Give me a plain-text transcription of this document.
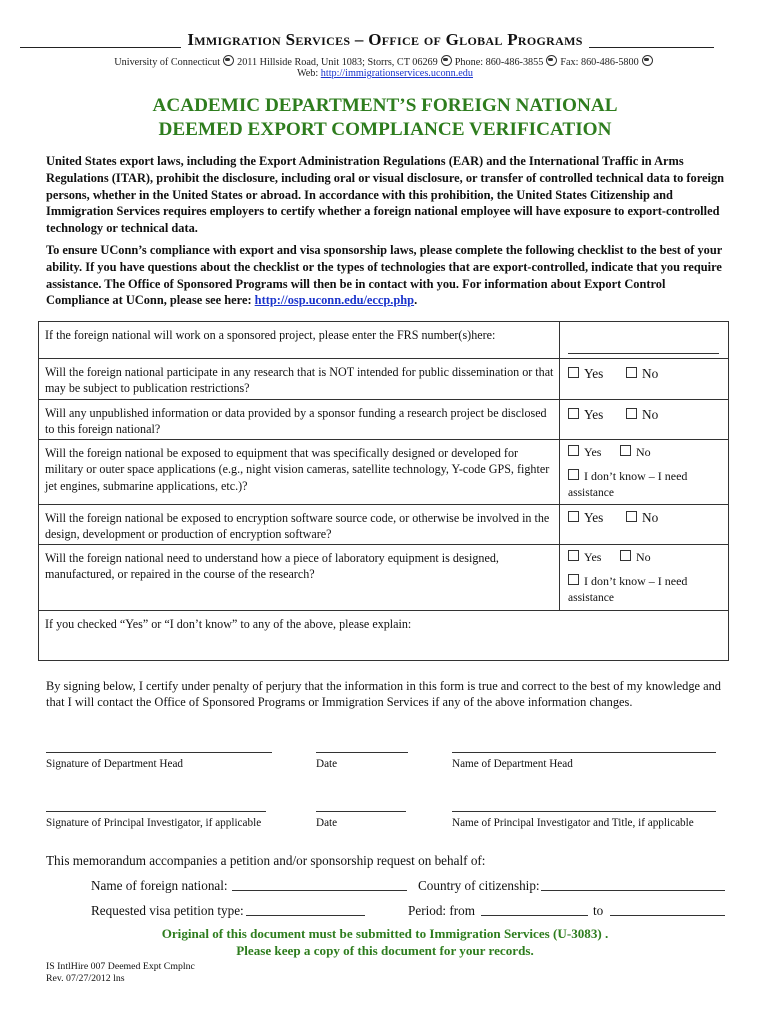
Immigration Services – Office of Global Programs
University of Connecticut 2011 Hillside Road, Unit 1083; Storrs, CT 06269 Phone: 860-486-3855 Fax: 860-486-5800
Web: http://immigrationservices.uconn.edu
ACADEMIC DEPARTMENT’S FOREIGN NATIONAL
DEEMED EXPORT COMPLIANCE VERIFICATION
United States export laws, including the Export Administration Regulations (EAR) and the International Traffic in Arms Regulations (ITAR), prohibit the disclosure, including oral or visual disclosure, or transfer of controlled technical data to foreign persons, whether in the United States or abroad. In accordance with this prohibition, the United States Citizenship and Immigration Services requires employers to certify whether a foreign national employee will have exposure to export-controlled technology or technical data.
To ensure UConn’s compliance with export and visa sponsorship laws, please complete the following checklist to the best of your ability. If you have questions about the checklist or the types of technologies that are export-controlled, indicate that you require assistance. The Office of Sponsored Programs will then be in contact with you. For information about Export Control Compliance at UConn, please see here: http://osp.uconn.edu/eccp.php.
If the foreign national will work on a sponsored project, please enter the FRS number(s)here:
Will the foreign national participate in any research that is NOT intended for public dissemination or that may be subject to publication restrictions?
Yes	No
Will any unpublished information or data provided by a sponsor funding a research project be disclosed to this foreign national?
Yes	No
Will the foreign national be exposed to equipment that was specifically designed or developed for military or outer space applications (e.g., night vision cameras, satellite technology, Y-code GPS, fighter jet engines, submarine applications, etc.)?
Yes	No
I don’t know – I need
assistance
Will the foreign national be exposed to encryption software source code, or otherwise be involved in the design, development or production of encryption software?
Yes	No
Will the foreign national need to understand how a piece of laboratory equipment is designed, manufactured, or repaired in the course of the research?
Yes	No
I don’t know – I need
assistance
If you checked “Yes” or “I don’t know” to any of the above, please explain:
By signing below, I certify under penalty of perjury that the information in this form is true and correct to the best of my knowledge and that I will contact the Office of Sponsored Programs or Immigration Services if any of the above information changes.
Signature of Department Head	Date	Name of Department Head
Signature of Principal Investigator, if applicable	Date	Name of Principal Investigator and Title, if applicable
This memorandum accompanies a petition and/or sponsorship request on behalf of:
Name of foreign national:	Country of citizenship:
Requested visa petition type:	Period: from	to
Original of this document must be submitted to Immigration Services (U-3083) .
Please keep a copy of this document for your records.
IS IntlHire 007 Deemed Expt Cmplnc
Rev. 07/27/2012 lns
